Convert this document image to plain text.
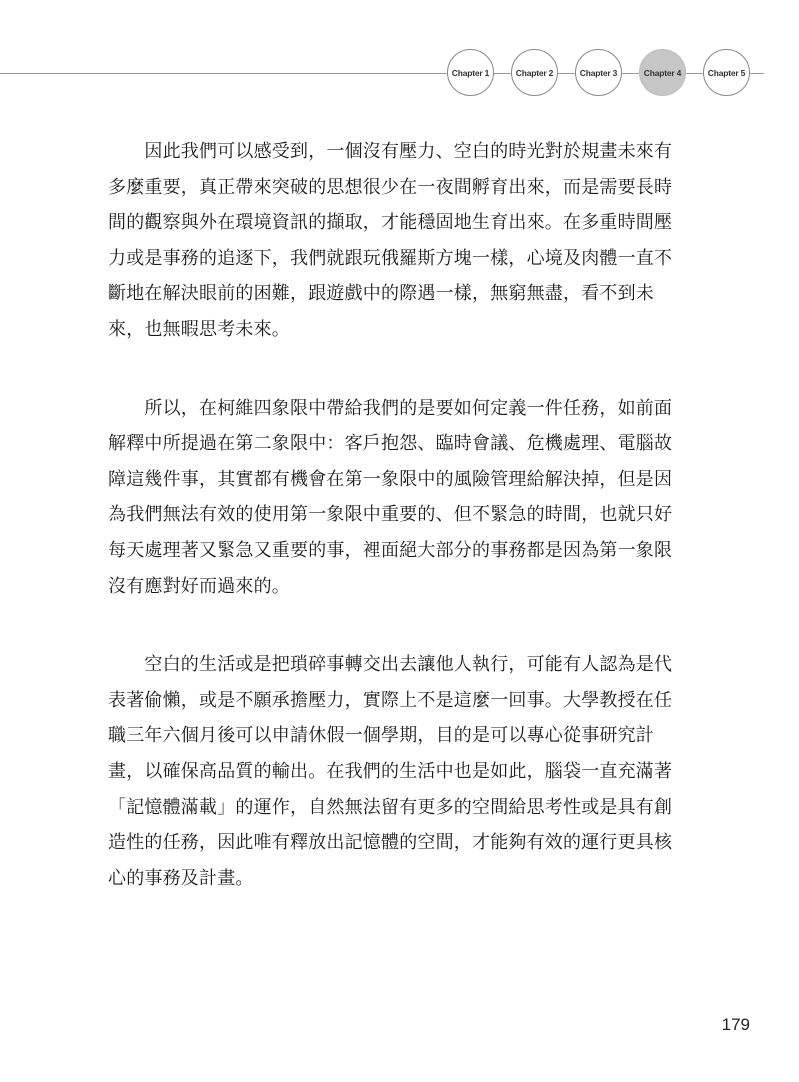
Chapter 1	Chapter 2	Chapter 3	Chapter 4	Chapter 5

　　因此我們可以感受到，一個沒有壓力、空白的時光對於規畫未來有
多麼重要，真正帶來突破的思想很少在一夜間孵育出來，而是需要長時
間的觀察與外在環境資訊的擷取，才能穩固地生育出來。在多重時間壓
力或是事務的追逐下，我們就跟玩俄羅斯方塊一樣，心境及肉體一直不
斷地在解決眼前的困難，跟遊戲中的際遇一樣，無窮無盡，看不到未
來，也無暇思考未來。

　　所以，在柯維四象限中帶給我們的是要如何定義一件任務，如前面
解釋中所提過在第二象限中：客戶抱怨、臨時會議、危機處理、電腦故
障這幾件事，其實都有機會在第一象限中的風險管理給解決掉，但是因
為我們無法有效的使用第一象限中重要的、但不緊急的時間，也就只好
每天處理著又緊急又重要的事，裡面絕大部分的事務都是因為第一象限
沒有應對好而過來的。

　　空白的生活或是把瑣碎事轉交出去讓他人執行，可能有人認為是代
表著偷懶，或是不願承擔壓力，實際上不是這麼一回事。大學教授在任
職三年六個月後可以申請休假一個學期，目的是可以專心從事研究計
畫，以確保高品質的輸出。在我們的生活中也是如此，腦袋一直充滿著
「記憶體滿載」的運作，自然無法留有更多的空間給思考性或是具有創
造性的任務，因此唯有釋放出記憶體的空間，才能夠有效的運行更具核
心的事務及計畫。

179
